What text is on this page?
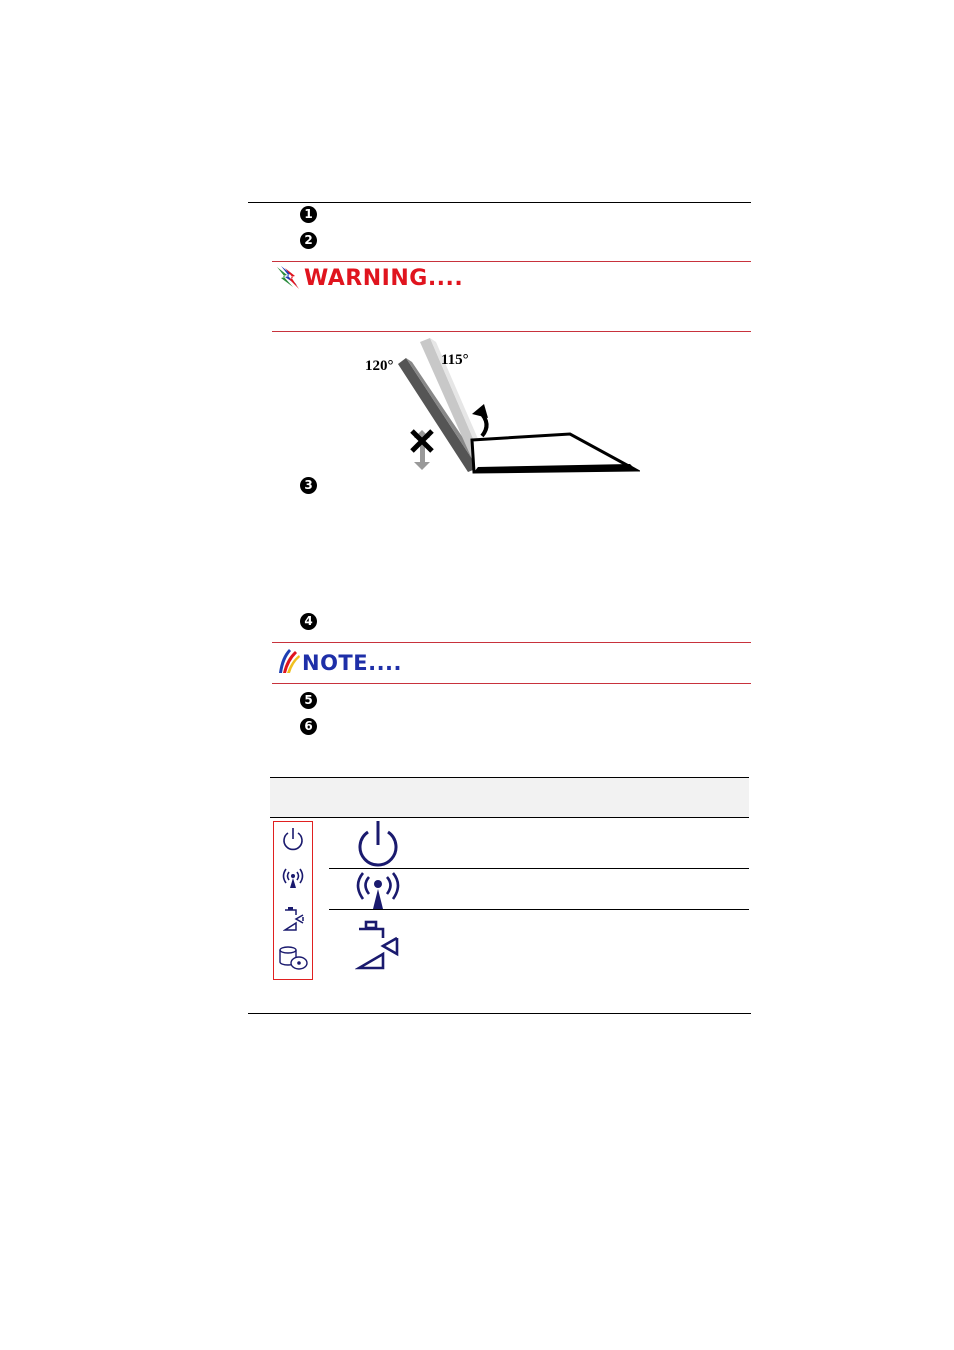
1
2
WARNING....
120°	115°
3
4
NOTE....
5
6
